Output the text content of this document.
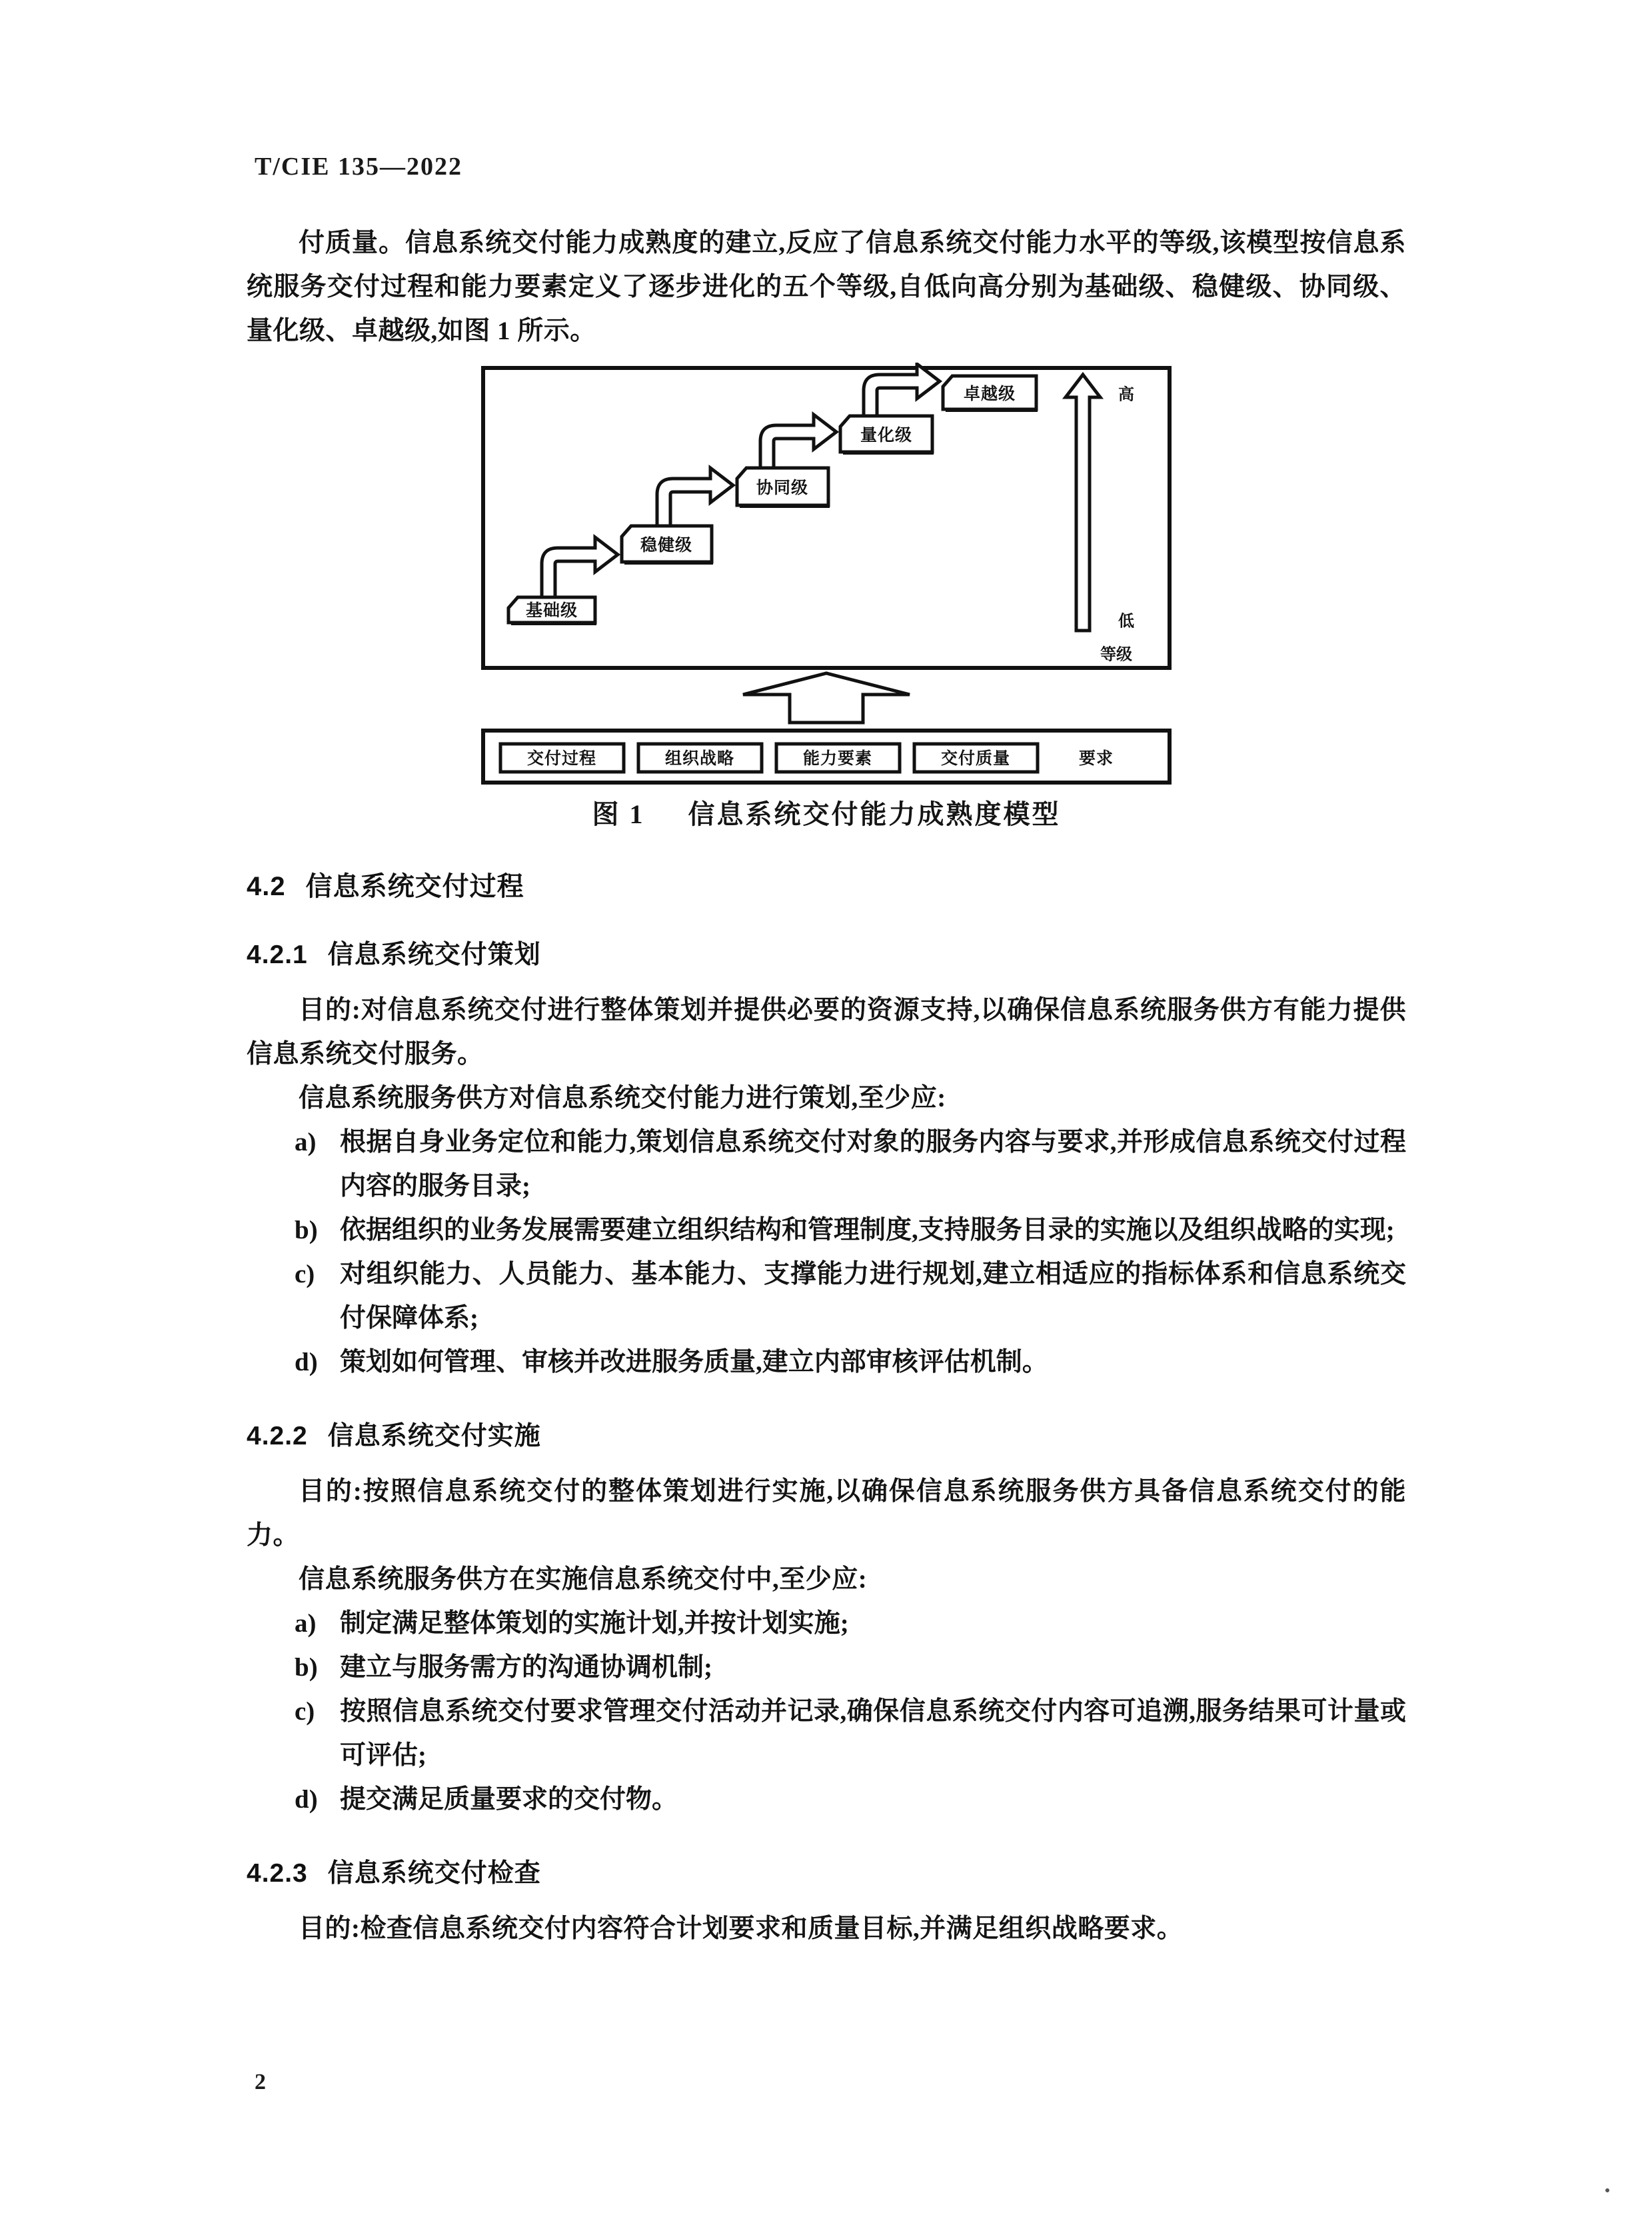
T/CIE 135—2022

付质量。信息系统交付能力成熟度的建立,反应了信息系统交付能力水平的等级,该模型按信息系统服务交付过程和能力要素定义了逐步进化的五个等级,自低向高分别为基础级、稳健级、协同级、量化级、卓越级,如图 1 所示。

基础级
稳健级
协同级
量化级
卓越级	高
低
等级
交付过程	组织战略	能力要素	交付质量	要求
图 1 信息系统交付能力成熟度模型
4.2 信息系统交付过程
4.2.1 信息系统交付策划

目的:对信息系统交付进行整体策划并提供必要的资源支持,以确保信息系统服务供方有能力提供信息系统交付服务。

信息系统服务供方对信息系统交付能力进行策划,至少应:

a) 根据自身业务定位和能力,策划信息系统交付对象的服务内容与要求,并形成信息系统交付过程内容的服务目录;
b) 依据组织的业务发展需要建立组织结构和管理制度,支持服务目录的实施以及组织战略的实现;
c) 对组织能力、人员能力、基本能力、支撑能力进行规划,建立相适应的指标体系和信息系统交付保障体系;
d) 策划如何管理、审核并改进服务质量,建立内部审核评估机制。
4.2.2 信息系统交付实施

目的:按照信息系统交付的整体策划进行实施,以确保信息系统服务供方具备信息系统交付的能力。

信息系统服务供方在实施信息系统交付中,至少应:

a) 制定满足整体策划的实施计划,并按计划实施;
b) 建立与服务需方的沟通协调机制;
c) 按照信息系统交付要求管理交付活动并记录,确保信息系统交付内容可追溯,服务结果可计量或可评估;
d) 提交满足质量要求的交付物。
4.2.3 信息系统交付检查

目的:检查信息系统交付内容符合计划要求和质量目标,并满足组织战略要求。

2
